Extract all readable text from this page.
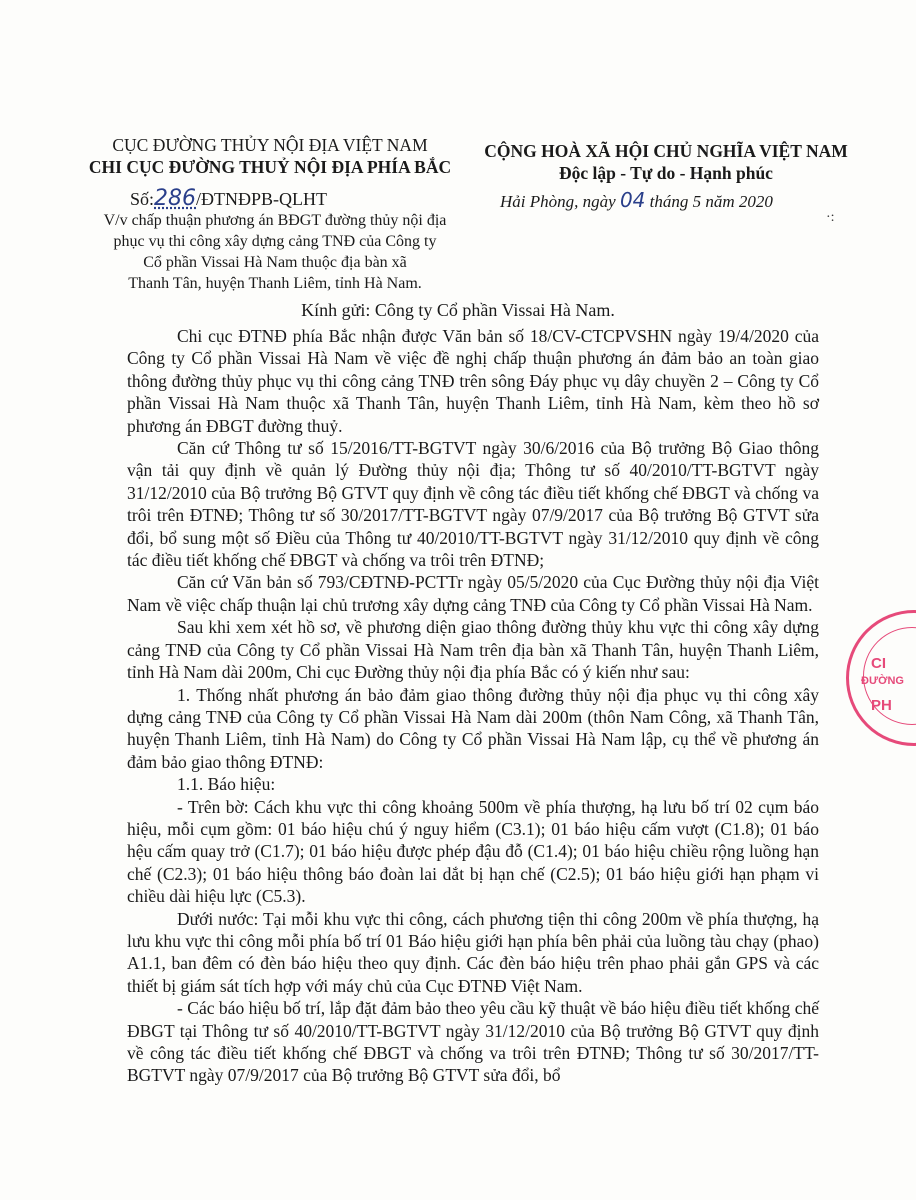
CỤC ĐƯỜNG THỦY NỘI ĐỊA VIỆT NAM
CHI CỤC ĐƯỜNG THUỶ NỘI ĐỊA PHÍA BẮC
CỘNG HOÀ XÃ HỘI CHỦ NGHĨA VIỆT NAM
Độc lập - Tự do - Hạnh phúc
Số:286/ĐTNĐPB-QLHT	Hải Phòng, ngày 04 tháng 5 năm 2020
·:
V/v chấp thuận phương án BĐGT đường thủy nội địa
phục vụ thi công xây dựng cảng TNĐ của Công ty
Cổ phần Vissai Hà Nam thuộc địa bàn xã
Thanh Tân, huyện Thanh Liêm, tỉnh Hà Nam.
Kính gửi: Công ty Cổ phần Vissai Hà Nam.

Chi cục ĐTNĐ phía Bắc nhận được Văn bản số 18/CV-CTCPVSHN ngày 19/4/2020 của Công ty Cổ phần Vissai Hà Nam về việc đề nghị chấp thuận phương án đảm bảo an toàn giao thông đường thủy phục vụ thi công cảng TNĐ trên sông Đáy phục vụ dây chuyền 2 – Công ty Cổ phần Vissai Hà Nam thuộc xã Thanh Tân, huyện Thanh Liêm, tỉnh Hà Nam, kèm theo hồ sơ phương án ĐBGT đường thuỷ.

Căn cứ Thông tư số 15/2016/TT-BGTVT ngày 30/6/2016 của Bộ trưởng Bộ Giao thông vận tải quy định về quản lý Đường thủy nội địa; Thông tư số 40/2010/TT-BGTVT ngày 31/12/2010 của Bộ trưởng Bộ GTVT quy định về công tác điều tiết khống chế ĐBGT và chống va trôi trên ĐTNĐ; Thông tư số 30/2017/TT-BGTVT ngày 07/9/2017 của Bộ trưởng Bộ GTVT sửa đổi, bổ sung một số Điều của Thông tư 40/2010/TT-BGTVT ngày 31/12/2010 quy định về công tác điều tiết khống chế ĐBGT và chống va trôi trên ĐTNĐ;

Căn cứ Văn bản số 793/CĐTNĐ-PCTTr ngày 05/5/2020 của Cục Đường thủy nội địa Việt Nam về việc chấp thuận lại chủ trương xây dựng cảng TNĐ của Công ty Cổ phần Vissai Hà Nam.

Sau khi xem xét hồ sơ, về phương diện giao thông đường thủy khu vực thi công xây dựng cảng TNĐ của Công ty Cổ phần Vissai Hà Nam trên địa bàn xã Thanh Tân, huyện Thanh Liêm, tỉnh Hà Nam dài 200m, Chi cục Đường thủy nội địa phía Bắc có ý kiến như sau:

1. Thống nhất phương án bảo đảm giao thông đường thủy nội địa phục vụ thi công xây dựng cảng TNĐ của Công ty Cổ phần Vissai Hà Nam dài 200m (thôn Nam Công, xã Thanh Tân, huyện Thanh Liêm, tỉnh Hà Nam) do Công ty Cổ phần Vissai Hà Nam lập, cụ thể về phương án đảm bảo giao thông ĐTNĐ:

1.1. Báo hiệu:

- Trên bờ: Cách khu vực thi công khoảng 500m về phía thượng, hạ lưu bố trí 02 cụm báo hiệu, mỗi cụm gồm: 01 báo hiệu chú ý nguy hiểm (C3.1); 01 báo hiệu cấm vượt (C1.8); 01 báo hệu cấm quay trở (C1.7); 01 báo hiệu được phép đậu đỗ (C1.4); 01 báo hiệu chiều rộng luồng hạn chế (C2.3); 01 báo hiệu thông báo đoàn lai dắt bị hạn chế (C2.5); 01 báo hiệu giới hạn phạm vi chiều dài hiệu lực (C5.3).

Dưới nước: Tại mỗi khu vực thi công, cách phương tiện thi công 200m về phía thượng, hạ lưu khu vực thi công mỗi phía bố trí 01 Báo hiệu giới hạn phía bên phải của luồng tàu chạy (phao) A1.1, ban đêm có đèn báo hiệu theo quy định. Các đèn báo hiệu trên phao phải gắn GPS và các thiết bị giám sát tích hợp với máy chủ của Cục ĐTNĐ Việt Nam.

- Các báo hiệu bố trí, lắp đặt đảm bảo theo yêu cầu kỹ thuật về báo hiệu điều tiết khống chế ĐBGT tại Thông tư số 40/2010/TT-BGTVT ngày 31/12/2010 của Bộ trưởng Bộ GTVT quy định về công tác điều tiết khống chế ĐBGT và chống va trôi trên ĐTNĐ; Thông tư số 30/2017/TT-BGTVT ngày 07/9/2017 của Bộ trưởng Bộ GTVT sửa đổi, bổ

CI
ĐƯỜNG
PH
